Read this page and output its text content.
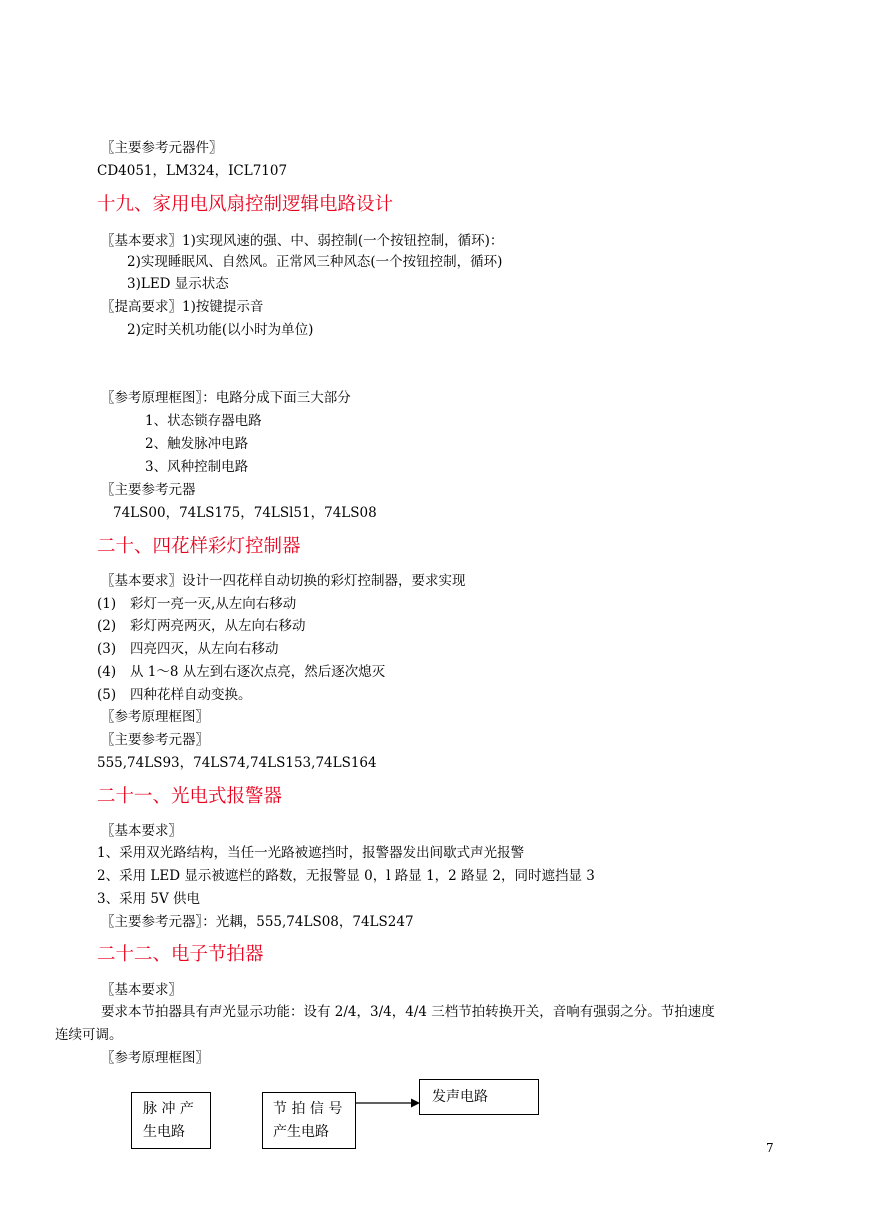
〖主要参考元器件〗
CD4051，LM324，ICL7107
十九、家用电风扇控制逻辑电路设计
〖基本要求〗1)实现风速的强、中、弱控制(一个按钮控制，循环)：
2)实现睡眠风、自然风。正常风三种风态(一个按钮控制，循环)
3)LED 显示状态
〖提高要求〗1)按键提示音
2)定时关机功能(以小时为单位)
〖参考原理框图〗：电路分成下面三大部分
1、状态锁存器电路
2、触发脉冲电路
3、风种控制电路
〖主要参考元器
74LS00，74LS175，74LSl51，74LS08
二十、四花样彩灯控制器
〖基本要求〗设计一四花样自动切换的彩灯控制器，要求实现
(1) 彩灯一亮一灭,从左向右移动
(2) 彩灯两亮两灭，从左向右移动
(3) 四亮四灭，从左向右移动
(4) 从 1～8 从左到右逐次点亮，然后逐次熄灭
(5) 四种花样自动变换。
〖参考原理框图〗
〖主要参考元器〗
555,74LS93，74LS74,74LS153,74LS164
二十一、光电式报警器
〖基本要求〗
1、采用双光路结构，当任一光路被遮挡时，报警器发出间歇式声光报警
2、采用 LED 显示被遮栏的路数，无报警显 0，l 路显 1，2 路显 2，同时遮挡显 3
3、采用 5V 供电
〖主要参考元器〗：光耦，555,74LS08，74LS247
二十二、电子节拍器
〖基本要求〗
要求本节拍器具有声光显示功能：设有 2/4，3/4，4/4 三档节拍转换开关，音响有强弱之分。节拍速度
连续可调。
〖参考原理框图〗
脉 冲 产
生电路
节 拍 信 号
产生电路
发声电路
7
